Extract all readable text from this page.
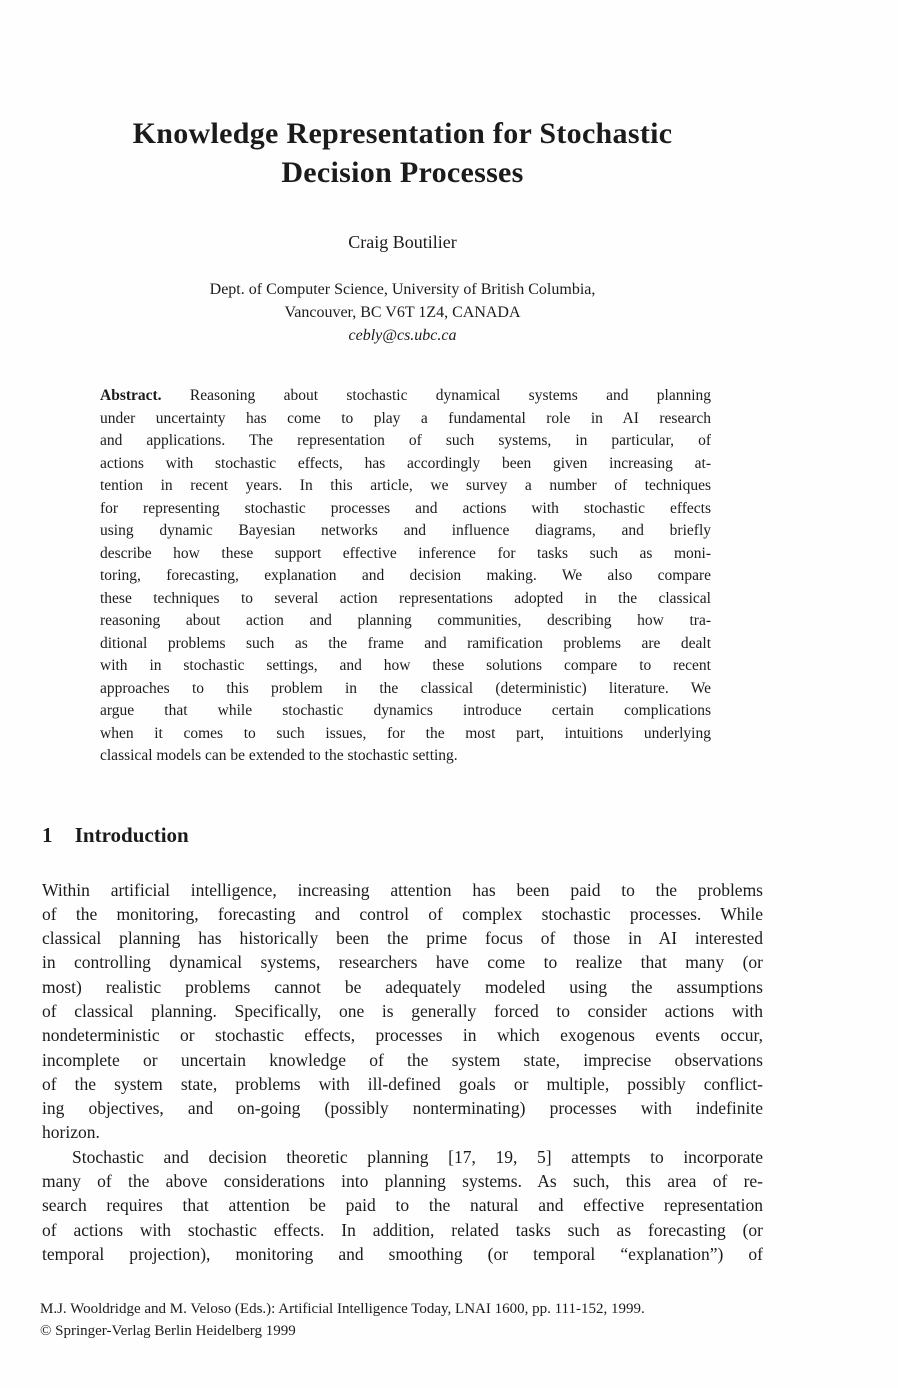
Knowledge Representation for Stochastic
Decision Processes
Craig Boutilier
Dept. of Computer Science, University of British Columbia,
Vancouver, BC V6T 1Z4, CANADA
cebly@cs.ubc.ca
Abstract. Reasoning about stochastic dynamical systems and planning
under uncertainty has come to play a fundamental role in AI research
and applications. The representation of such systems, in particular, of
actions with stochastic effects, has accordingly been given increasing at-
tention in recent years. In this article, we survey a number of techniques
for representing stochastic processes and actions with stochastic effects
using dynamic Bayesian networks and influence diagrams, and briefly
describe how these support effective inference for tasks such as moni-
toring, forecasting, explanation and decision making. We also compare
these techniques to several action representations adopted in the classical
reasoning about action and planning communities, describing how tra-
ditional problems such as the frame and ramification problems are dealt
with in stochastic settings, and how these solutions compare to recent
approaches to this problem in the classical (deterministic) literature. We
argue that while stochastic dynamics introduce certain complications
when it comes to such issues, for the most part, intuitions underlying
classical models can be extended to the stochastic setting.
1 Introduction
Within artificial intelligence, increasing attention has been paid to the problems
of the monitoring, forecasting and control of complex stochastic processes. While
classical planning has historically been the prime focus of those in AI interested
in controlling dynamical systems, researchers have come to realize that many (or
most) realistic problems cannot be adequately modeled using the assumptions
of classical planning. Specifically, one is generally forced to consider actions with
nondeterministic or stochastic effects, processes in which exogenous events occur,
incomplete or uncertain knowledge of the system state, imprecise observations
of the system state, problems with ill-defined goals or multiple, possibly conflict-
ing objectives, and on-going (possibly nonterminating) processes with indefinite
horizon.
Stochastic and decision theoretic planning [17, 19, 5] attempts to incorporate
many of the above considerations into planning systems. As such, this area of re-
search requires that attention be paid to the natural and effective representation
of actions with stochastic effects. In addition, related tasks such as forecasting (or
temporal projection), monitoring and smoothing (or temporal “explanation”) of
M.J. Wooldridge and M. Veloso (Eds.): Artificial Intelligence Today, LNAI 1600, pp. 111-152, 1999.
© Springer-Verlag Berlin Heidelberg 1999
